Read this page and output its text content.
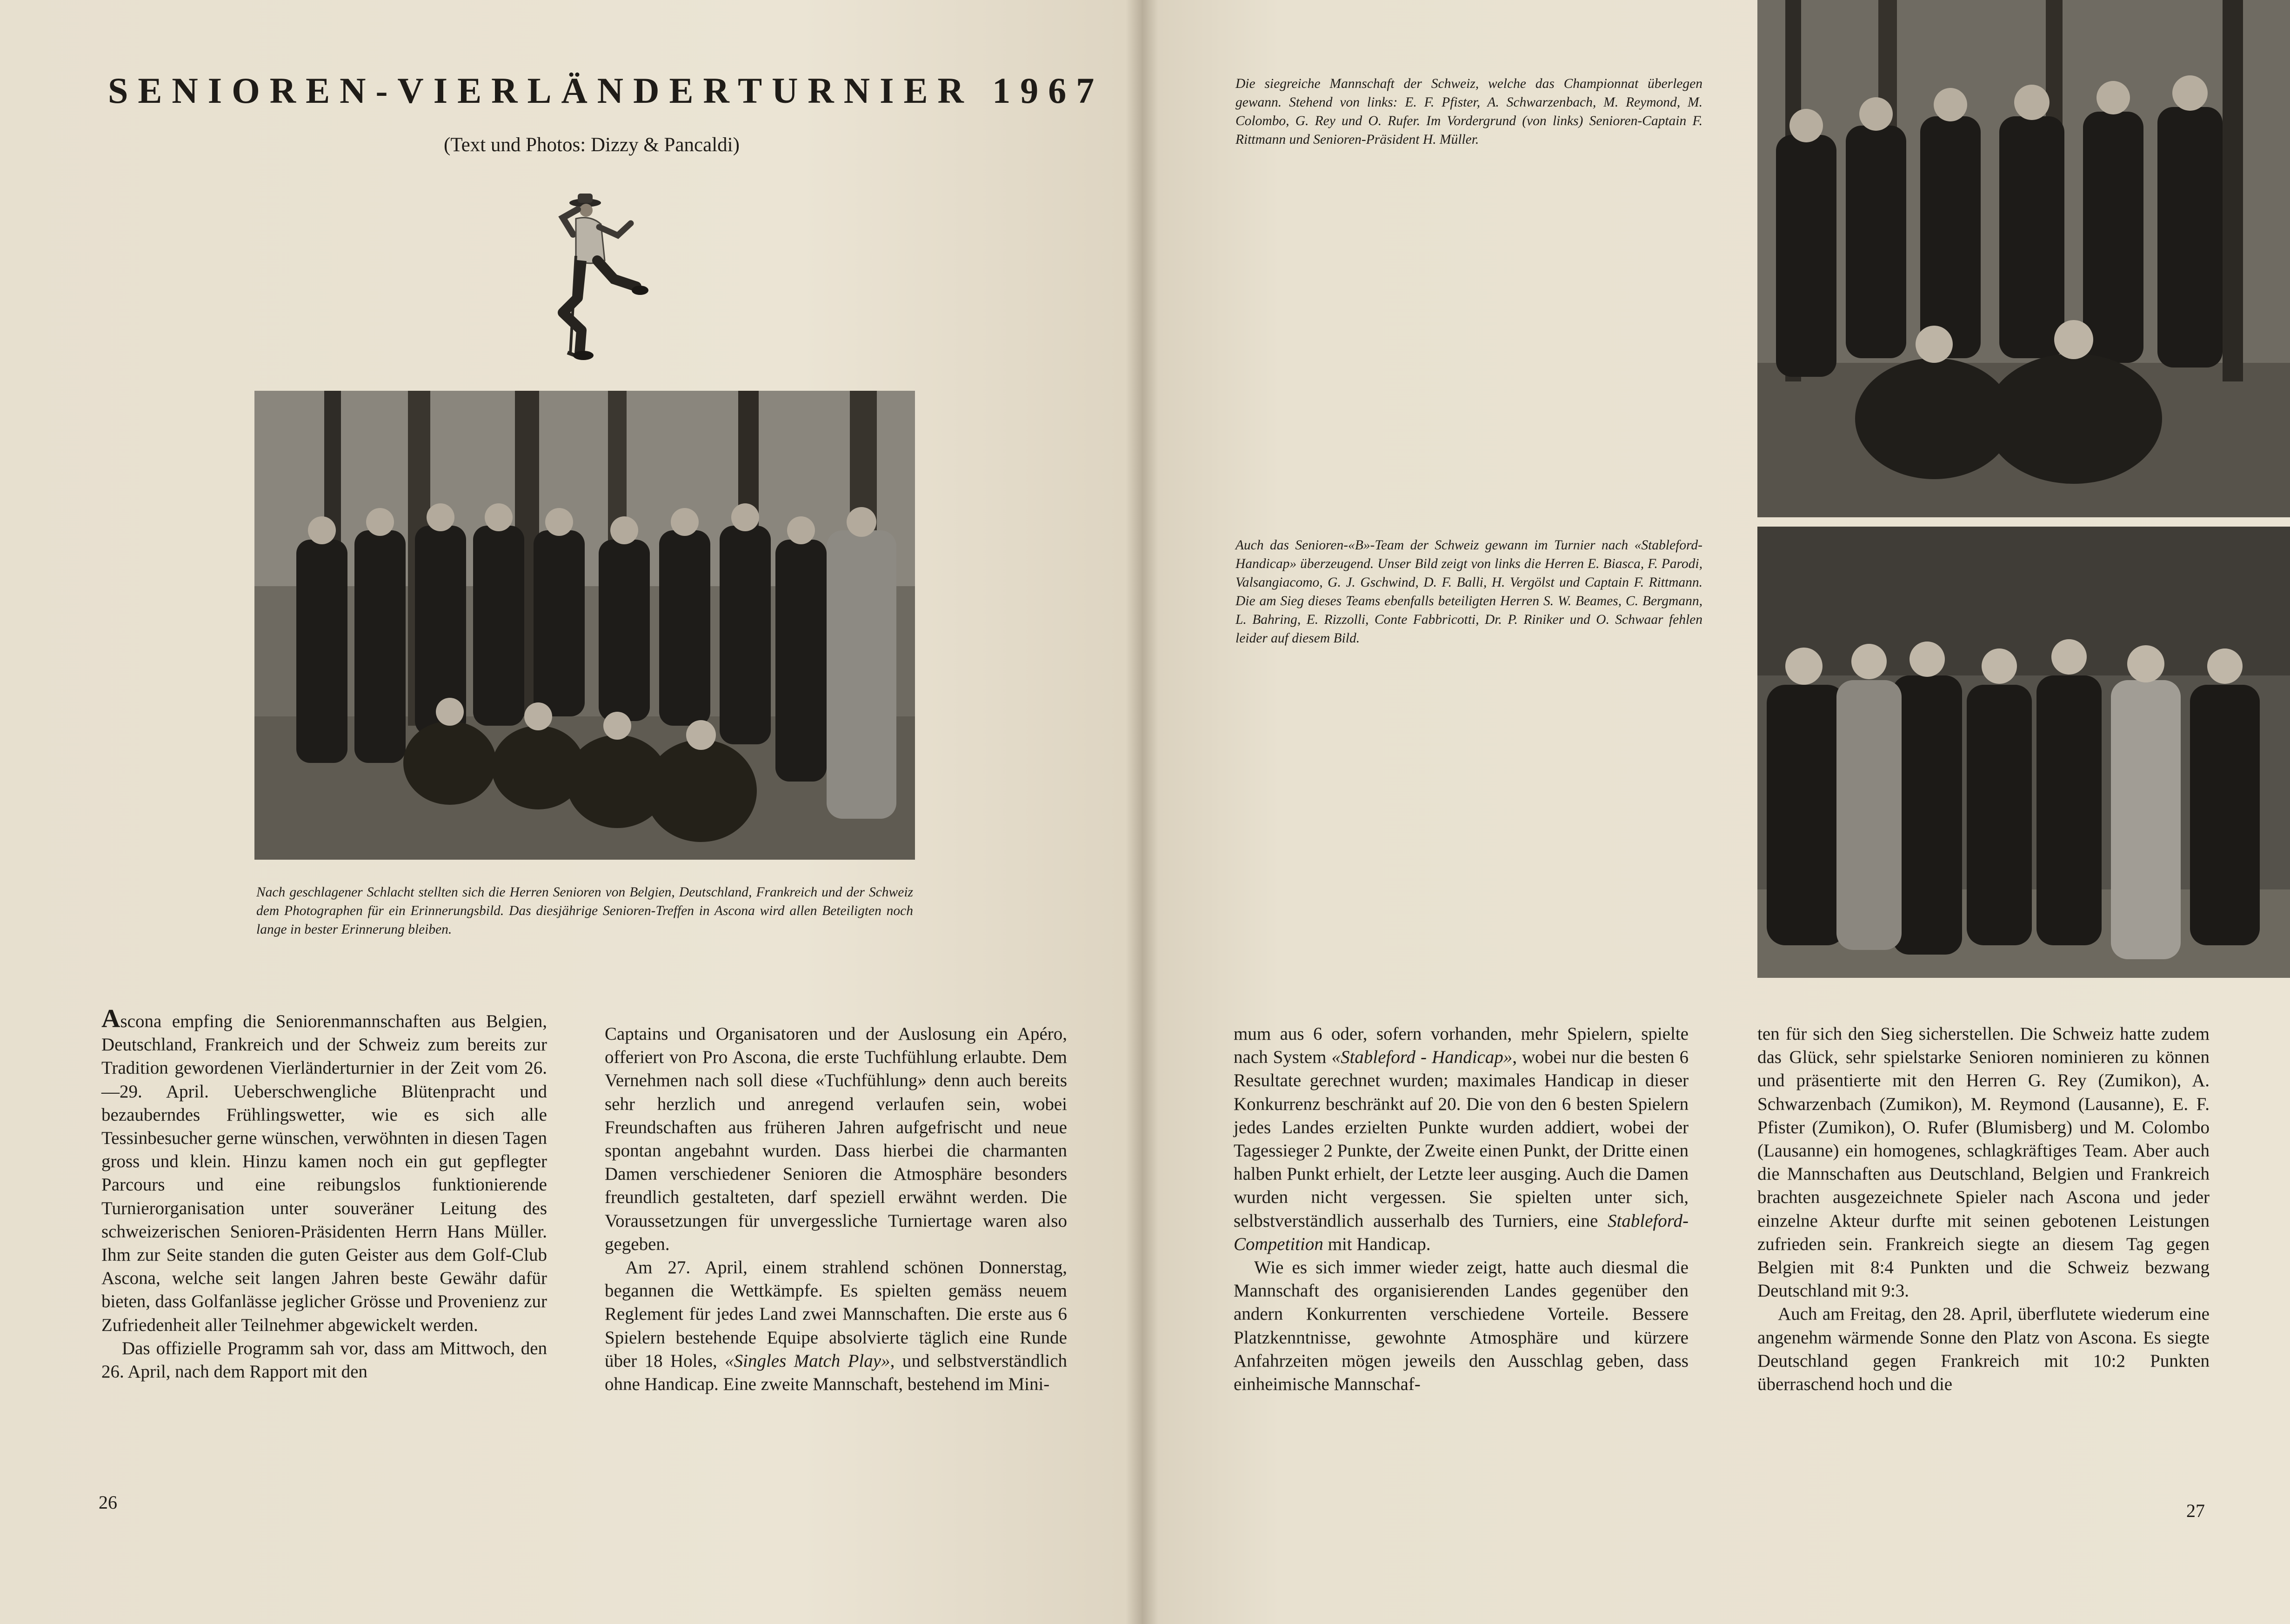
SENIOREN-VIERLÄNDERTURNIER 1967
(Text und Photos: Dizzy & Pancaldi)
Nach geschlagener Schlacht stellten sich die Herren Senioren von Belgien, Deutschland, Frankreich und der Schweiz dem Photographen für ein Erinnerungsbild. Das diesjährige Senioren-Treffen in Ascona wird allen Beteiligten noch lange in bester Erinnerung bleiben.

Ascona empfing die Seniorenmannschaften aus Belgien, Deutschland, Frankreich und der Schweiz zum bereits zur Tradition gewordenen Vierländerturnier in der Zeit vom 26.—29. April. Ueberschwengliche Blütenpracht und bezauberndes Frühlingswetter, wie es sich alle Tessinbesucher gerne wünschen, verwöhnten in diesen Tagen gross und klein. Hinzu kamen noch ein gut gepflegter Parcours und eine reibungslos funktionierende Turnierorganisation unter souveräner Leitung des schweizerischen Senioren-Präsidenten Herrn Hans Müller. Ihm zur Seite standen die guten Geister aus dem Golf-Club Ascona, welche seit langen Jahren beste Gewähr dafür bieten, dass Golfanlässe jeglicher Grösse und Provenienz zur Zufriedenheit aller Teilnehmer abgewickelt werden.

Das offizielle Programm sah vor, dass am Mittwoch, den 26. April, nach dem Rapport mit den

Captains und Organisatoren und der Auslosung ein Apéro, offeriert von Pro Ascona, die erste Tuchfühlung erlaubte. Dem Vernehmen nach soll diese «Tuchfühlung» denn auch bereits sehr herzlich und anregend verlaufen sein, wobei Freundschaften aus früheren Jahren aufgefrischt und neue spontan angebahnt wurden. Dass hierbei die charmanten Damen verschiedener Senioren die Atmosphäre besonders freundlich gestalteten, darf speziell erwähnt werden. Die Voraussetzungen für unvergessliche Turniertage waren also gegeben.

Am 27. April, einem strahlend schönen Donnerstag, begannen die Wettkämpfe. Es spielten gemäss neuem Reglement für jedes Land zwei Mannschaften. Die erste aus 6 Spielern bestehende Equipe absolvierte täglich eine Runde über 18 Holes, «Singles Match Play», und selbstverständlich ohne Handicap. Eine zweite Mannschaft, bestehend im Mini-

26
Die siegreiche Mannschaft der Schweiz, welche das Championnat überlegen gewann. Stehend von links: E. F. Pfister, A. Schwarzenbach, M. Reymond, M. Colombo, G. Rey und O. Rufer. Im Vordergrund (von links) Senioren-Captain F. Rittmann und Senioren-Präsident H. Müller.
Auch das Senioren-«B»-Team der Schweiz gewann im Turnier nach «Stableford-Handicap» überzeugend. Unser Bild zeigt von links die Herren E. Biasca, F. Parodi, Valsangiacomo, G. J. Gschwind, D. F. Balli, H. Vergölst und Captain F. Rittmann. Die am Sieg dieses Teams ebenfalls beteiligten Herren S. W. Beames, C. Bergmann, L. Bahring, E. Rizzolli, Conte Fabbricotti, Dr. P. Riniker und O. Schwaar fehlen leider auf diesem Bild.

mum aus 6 oder, sofern vorhanden, mehr Spielern, spielte nach System «Stableford - Handicap», wobei nur die besten 6 Resultate gerechnet wurden; maximales Handicap in dieser Konkurrenz beschränkt auf 20. Die von den 6 besten Spielern jedes Landes erzielten Punkte wurden addiert, wobei der Tagessieger 2 Punkte, der Zweite einen Punkt, der Dritte einen halben Punkt erhielt, der Letzte leer ausging. Auch die Damen wurden nicht vergessen. Sie spielten unter sich, selbstverständlich ausserhalb des Turniers, eine Stableford-Competition mit Handicap.

Wie es sich immer wieder zeigt, hatte auch diesmal die Mannschaft des organisierenden Landes gegenüber den andern Konkurrenten verschiedene Vorteile. Bessere Platzkenntnisse, gewohnte Atmosphäre und kürzere Anfahrzeiten mögen jeweils den Ausschlag geben, dass einheimische Mannschaf-

ten für sich den Sieg sicherstellen. Die Schweiz hatte zudem das Glück, sehr spielstarke Senioren nominieren zu können und präsentierte mit den Herren G. Rey (Zumikon), A. Schwarzenbach (Zumikon), M. Reymond (Lausanne), E. F. Pfister (Zumikon), O. Rufer (Blumisberg) und M. Colombo (Lausanne) ein homogenes, schlagkräftiges Team. Aber auch die Mannschaften aus Deutschland, Belgien und Frankreich brachten ausgezeichnete Spieler nach Ascona und jeder einzelne Akteur durfte mit seinen gebotenen Leistungen zufrieden sein. Frankreich siegte an diesem Tag gegen Belgien mit 8:4 Punkten und die Schweiz bezwang Deutschland mit 9:3.

Auch am Freitag, den 28. April, überflutete wiederum eine angenehm wärmende Sonne den Platz von Ascona. Es siegte Deutschland gegen Frankreich mit 10:2 Punkten überraschend hoch und die

27
